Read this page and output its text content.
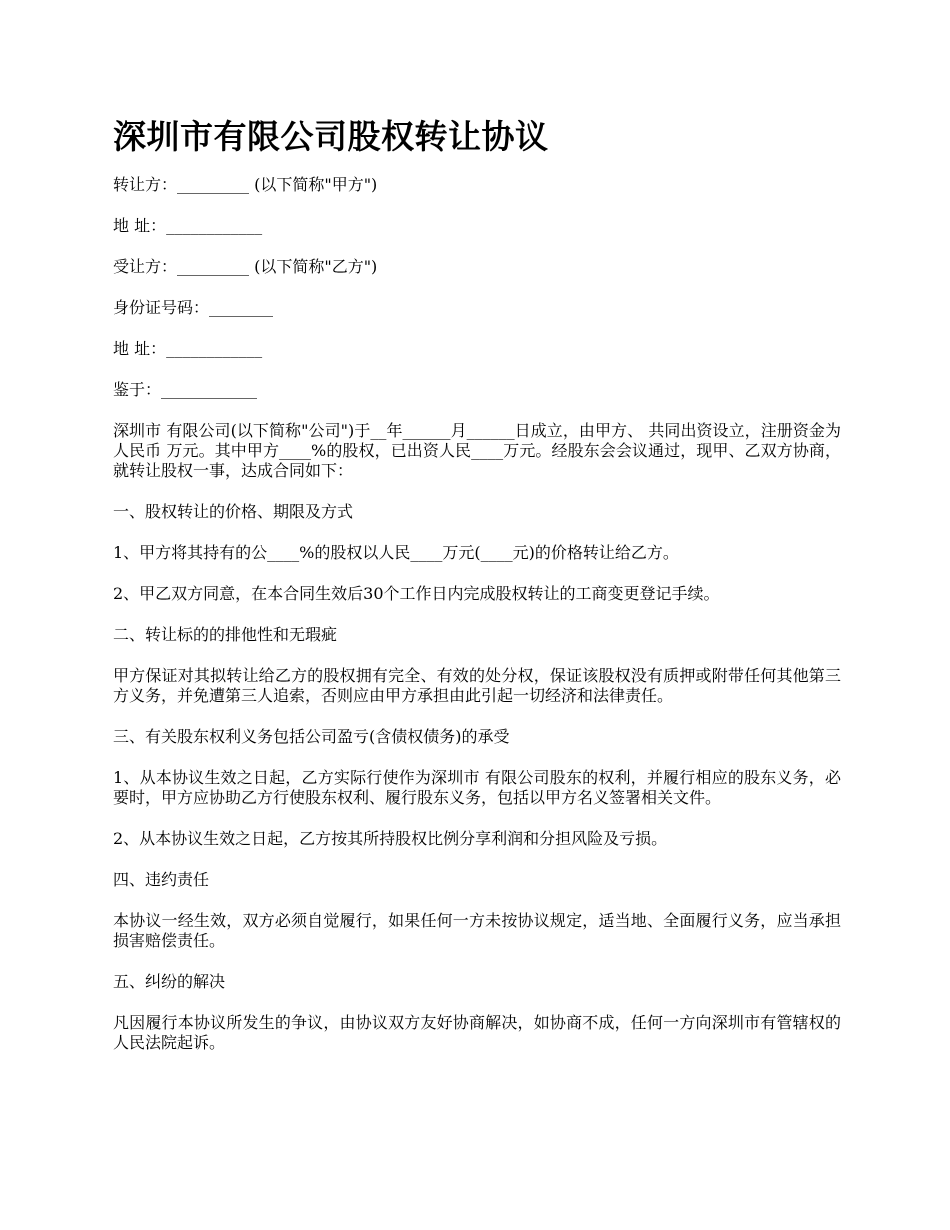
深圳市有限公司股权转让协议

转让方：_________ (以下简称"甲方")

地 址：____________

受让方：_________ (以下简称"乙方")

身份证号码：________

地 址：____________

鉴于：____________

深圳市 有限公司(以下简称"公司")于__年______月______日成立，由甲方、 共同出资设立，注册资金为人民币 万元。其中甲方____%的股权，已出资人民____万元。经股东会会议通过，现甲、乙双方协商，就转让股权一事，达成合同如下：

一、股权转让的价格、期限及方式

1、甲方将其持有的公____%的股权以人民____万元(____元)的价格转让给乙方。

2、甲乙双方同意，在本合同生效后30个工作日内完成股权转让的工商变更登记手续。

二、转让标的的排他性和无瑕疵

甲方保证对其拟转让给乙方的股权拥有完全、有效的处分权，保证该股权没有质押或附带任何其他第三方义务，并免遭第三人追索，否则应由甲方承担由此引起一切经济和法律责任。

三、有关股东权利义务包括公司盈亏(含债权债务)的承受

1、从本协议生效之日起，乙方实际行使作为深圳市 有限公司股东的权利，并履行相应的股东义务，必要时，甲方应协助乙方行使股东权利、履行股东义务，包括以甲方名义签署相关文件。

2、从本协议生效之日起，乙方按其所持股权比例分享利润和分担风险及亏损。

四、违约责任

本协议一经生效，双方必须自觉履行，如果任何一方未按协议规定，适当地、全面履行义务，应当承担损害赔偿责任。

五、纠纷的解决

凡因履行本协议所发生的争议，由协议双方友好协商解决，如协商不成，任何一方向深圳市有管辖权的人民法院起诉。
